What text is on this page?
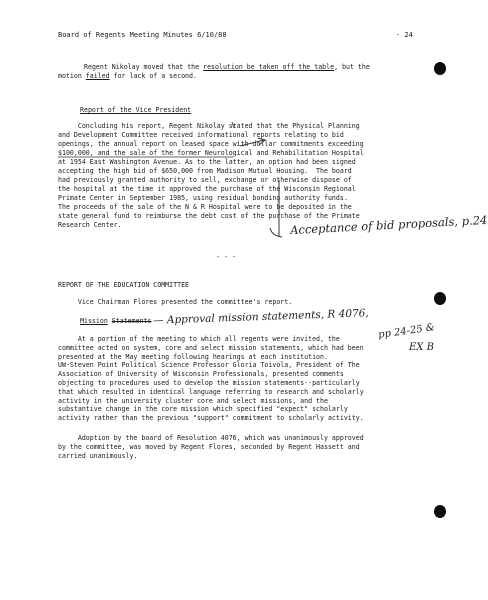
Board of Regents Meeting Minutes 6/10/88	- 24
Regent Nikolay moved that the resolution be taken off the table, but the
motion failed for lack of a second.
Report of the Vice President
Concluding his report, Regent Nikolay stated that the Physical Planning
and Development Committee received informational reports relating to bid
openings, the annual report on leased space with dollar commitments exceeding
$100,000, and the sale of the former Neurological and Rehabilitation Hospital
at 1954 East Washington Avenue. As to the latter, an option had been signed
accepting the high bid of $650,000 from Madison Mutual Housing.  The board
had previously granted authority to sell, exchange or otherwise dispose of
the hospital at the time it approved the purchase of the Wisconsin Regional
Primate Center in September 1985, using residual bonding authority funds.
The proceeds of the sale of the N & R Hospital were to be deposited in the
state general fund to reimburse the debt cost of the purchase of the Primate
Research Center.
- - -
REPORT OF THE EDUCATION COMMITTEE
Vice Chairman Flores presented the committee's report.
Mission Statements
At a portion of the meeting to which all regents were invited, the
committee acted on system, core and select mission statements, which had been
presented at the May meeting following hearings at each institution.
UW-Steven Point Political Science Professor Gloria Toivola, President of The
Association of University of Wisconsin Professionals, presented comments
objecting to procedures used to develop the mission statements--particularly
that which resulted in identical language referring to research and scholarly
activity in the university cluster core and select missions, and the
substantive change in the core mission which specified "expect" scholarly
activity rather than the previous "support" commitment to scholarly activity.
Adoption by the board of Resolution 4076, which was unanimously approved
by the committee, was moved by Regent Flores, seconded by Regent Hassett and
carried unanimously.
Acceptance of bid proposals, p.24
— Approval mission statements, R 4076,
pp 24-25 &
EX B
